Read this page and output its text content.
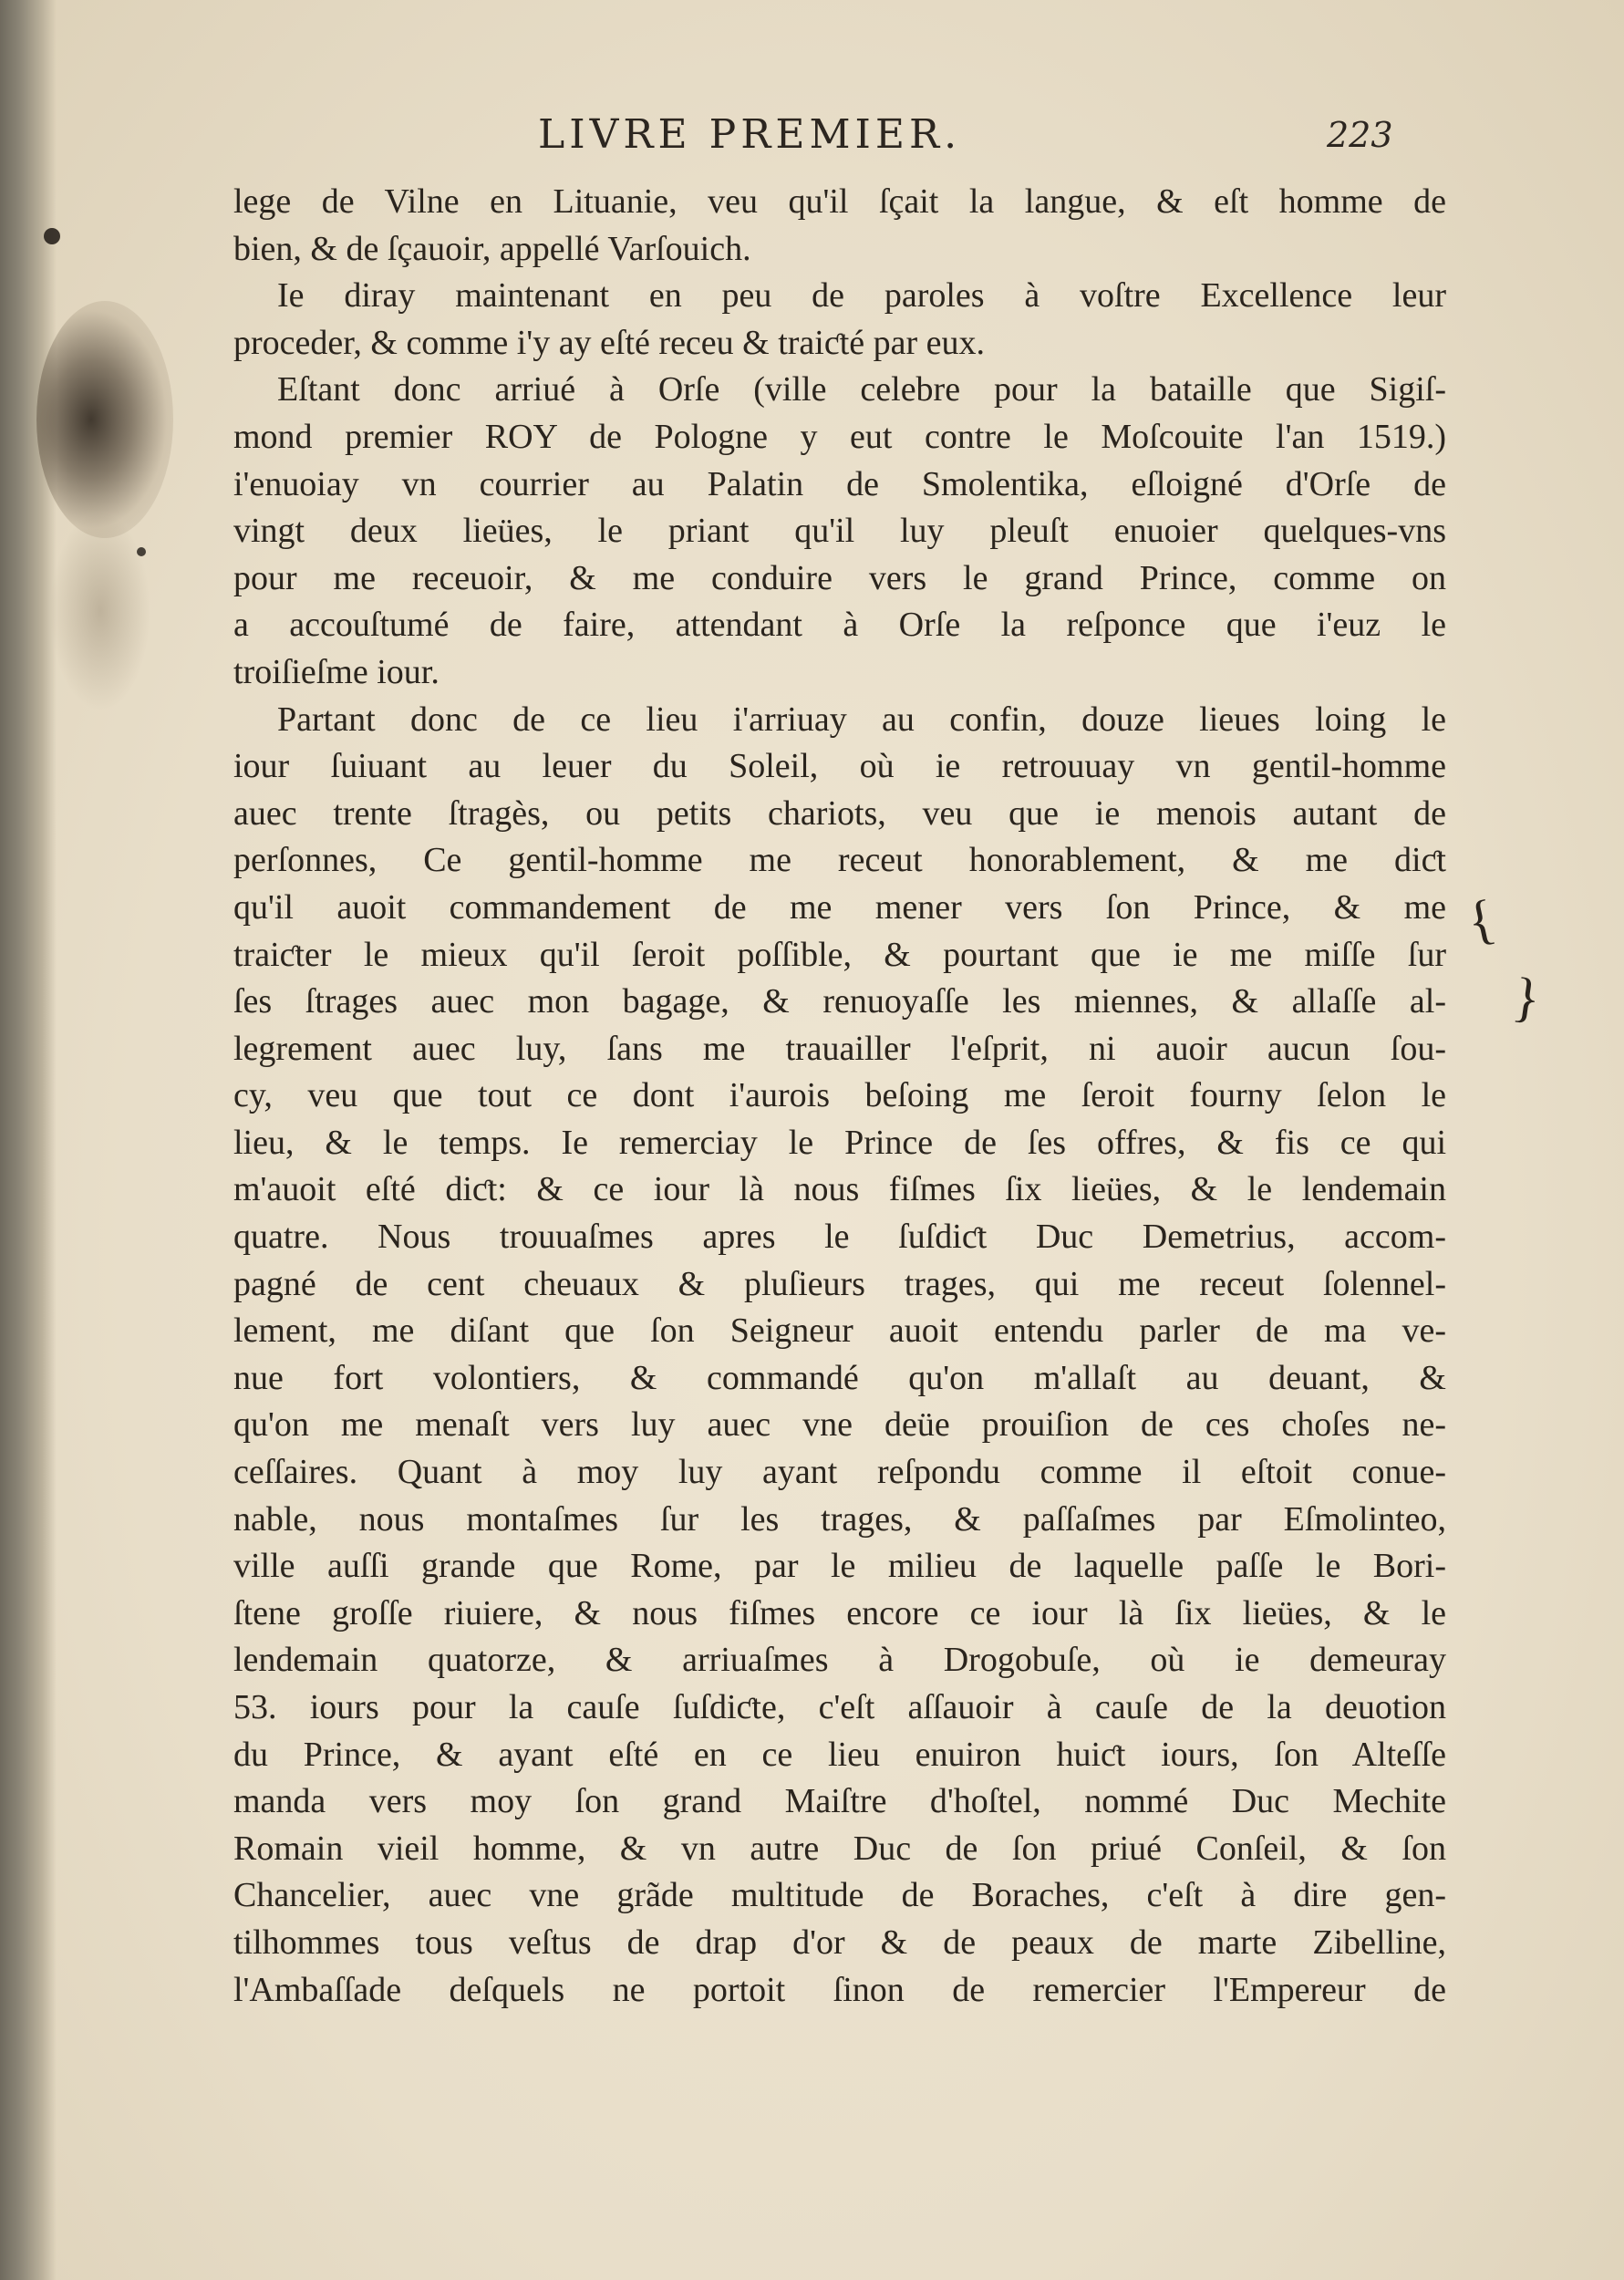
LIVRE PREMIER.	223
lege de Vilne en Lituanie, veu qu'il ſçait la langue, & eſt homme de
bien, & de ſçauoir, appellé Varſouich.
Ie diray maintenant en peu de paroles à voſtre Excellence leur
proceder, & comme i'y ay eſté receu & traiƈté par eux.
Eſtant donc arriué à Orſe (ville celebre pour la bataille que Sigiſ-
mond premier ROY de Pologne y eut contre le Moſcouite l'an 1519.)
i'enuoiay vn courrier au Palatin de Smolentika, eſloigné d'Orſe de
vingt deux lieües, le priant qu'il luy pleuſt enuoier quelques-vns
pour me receuoir, & me conduire vers le grand Prince, comme on
a accouſtumé de faire, attendant à Orſe la reſponce que i'euz le
troiſieſme iour.
Partant donc de ce lieu i'arriuay au confin, douze lieues loing le
iour ſuiuant au leuer du Soleil, où ie retrouuay vn gentil-homme
auec trente ſtragès, ou petits chariots, veu que ie menois autant de
perſonnes, Ce gentil-homme me receut honorablement, & me diƈt
qu'il auoit commandement de me mener vers ſon Prince, & me
traiƈter le mieux qu'il ſeroit poſſible, & pourtant que ie me miſſe ſur
ſes ſtrages auec mon bagage, & renuoyaſſe les miennes, & allaſſe al-
legrement auec luy, ſans me trauailler l'eſprit, ni auoir aucun ſou-
cy, veu que tout ce dont i'aurois beſoing me ſeroit fourny ſelon le
lieu, & le temps. Ie remerciay le Prince de ſes offres, & fis ce qui
m'auoit eſté diƈt: & ce iour là nous fiſmes ſix lieües, & le lendemain
quatre. Nous trouuaſmes apres le ſuſdiƈt Duc Demetrius, accom-
pagné de cent cheuaux & pluſieurs trages, qui me receut ſolennel-
lement, me diſant que ſon Seigneur auoit entendu parler de ma ve-
nue fort volontiers, & commandé qu'on m'allaſt au deuant, &
qu'on me menaſt vers luy auec vne deüe prouiſion de ces choſes ne-
ceſſaires. Quant à moy luy ayant reſpondu comme il eſtoit conue-
nable, nous montaſmes ſur les trages, & paſſaſmes par Eſmolinteo,
ville auſſi grande que Rome, par le milieu de laquelle paſſe le Bori-
ſtene groſſe riuiere, & nous fiſmes encore ce iour là ſix lieües, & le
lendemain quatorze, & arriuaſmes à Drogobuſe, où ie demeuray
53. iours pour la cauſe ſuſdiƈte, c'eſt aſſauoir à cauſe de la deuotion
du Prince, & ayant eſté en ce lieu enuiron huiƈt iours, ſon Alteſſe
manda vers moy ſon grand Maiſtre d'hoſtel, nommé Duc Mechite
Romain vieil homme, & vn autre Duc de ſon priué Conſeil, & ſon
Chancelier, auec vne grãde multitude de Boraches, c'eſt à dire gen-
tilhommes tous veſtus de drap d'or & de peaux de marte Zibelline,
l'Ambaſſade deſquels ne portoit ſinon de remercier l'Empereur de
{
}
